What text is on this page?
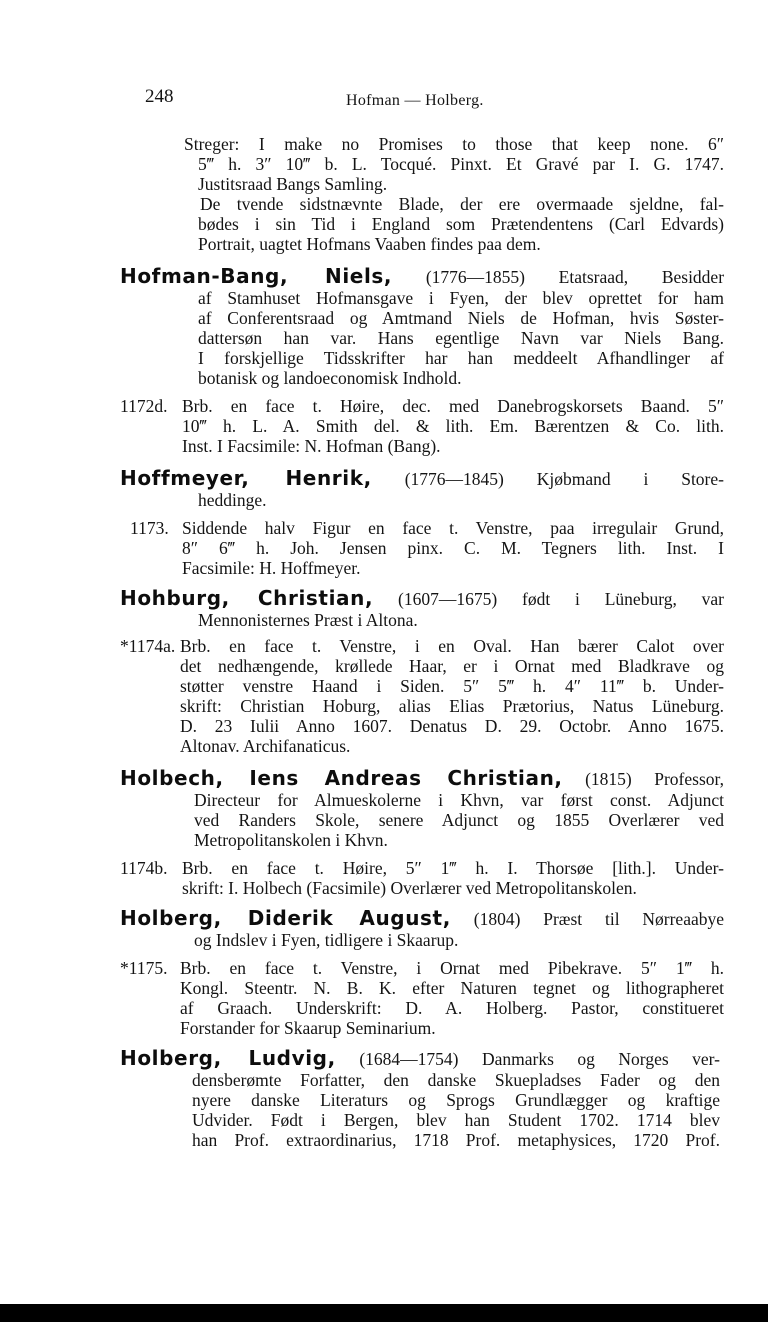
248	Hofman — Holberg.
Streger: I make no Promises to those that keep none. 6″
5‴ h. 3″ 10‴ b. L. Tocqué. Pinxt. Et Gravé par I. G. 1747.
Justitsraad Bangs Samling.
De tvende sidstnævnte Blade, der ere overmaade sjeldne, fal-
bødes i sin Tid i England som Prætendentens (Carl Edvards)
Portrait, uagtet Hofmans Vaaben findes paa dem.
Hofman-Bang, Niels, (1776—1855) Etatsraad, Besidder
af Stamhuset Hofmansgave i Fyen, der blev oprettet for ham
af Conferentsraad og Amtmand Niels de Hofman, hvis Søster-
dattersøn han var. Hans egentlige Navn var Niels Bang.
I forskjellige Tidsskrifter har han meddeelt Afhandlinger af
botanisk og landoeconomisk Indhold.
1172d. Brb. en face t. Høire, dec. med Danebrogskorsets Baand. 5″
10‴ h. L. A. Smith del. & lith. Em. Bærentzen & Co. lith.
Inst. I Facsimile: N. Hofman (Bang).
Hoffmeyer, Henrik, (1776—1845) Kjøbmand i Store-
heddinge.
1173. Siddende halv Figur en face t. Venstre, paa irregulair Grund,
8″ 6‴ h. Joh. Jensen pinx. C. M. Tegners lith. Inst. I
Facsimile: H. Hoffmeyer.
Hohburg, Christian, (1607—1675) født i Lüneburg, var
Mennonisternes Præst i Altona.
*1174a. Brb. en face t. Venstre, i en Oval. Han bærer Calot over
det nedhængende, krøllede Haar, er i Ornat med Bladkrave og
støtter venstre Haand i Siden. 5″ 5‴ h. 4″ 11‴ b. Under-
skrift: Christian Hoburg, alias Elias Prætorius, Natus Lüneburg.
D. 23 Iulii Anno 1607. Denatus D. 29. Octobr. Anno 1675.
Altonav. Archifanaticus.
Holbech, Iens Andreas Christian, (1815) Professor,
Directeur for Almueskolerne i Khvn, var først const. Adjunct
ved Randers Skole, senere Adjunct og 1855 Overlærer ved
Metropolitanskolen i Khvn.
1174b. Brb. en face t. Høire, 5″ 1‴ h. I. Thorsøe [lith.]. Under-
skrift: I. Holbech (Facsimile) Overlærer ved Metropolitanskolen.
Holberg, Diderik August, (1804) Præst til Nørreaabye
og Indslev i Fyen, tidligere i Skaarup.
*1175. Brb. en face t. Venstre, i Ornat med Pibekrave. 5″ 1‴ h.
Kongl. Steentr. N. B. K. efter Naturen tegnet og lithographeret
af Graach. Underskrift: D. A. Holberg. Pastor, constitueret
Forstander for Skaarup Seminarium.
Holberg, Ludvig, (1684—1754) Danmarks og Norges ver-
densberømte Forfatter, den danske Skuepladses Fader og den
nyere danske Literaturs og Sprogs Grundlægger og kraftige
Udvider. Født i Bergen, blev han Student 1702. 1714 blev
han Prof. extraordinarius, 1718 Prof. metaphysices, 1720 Prof.
